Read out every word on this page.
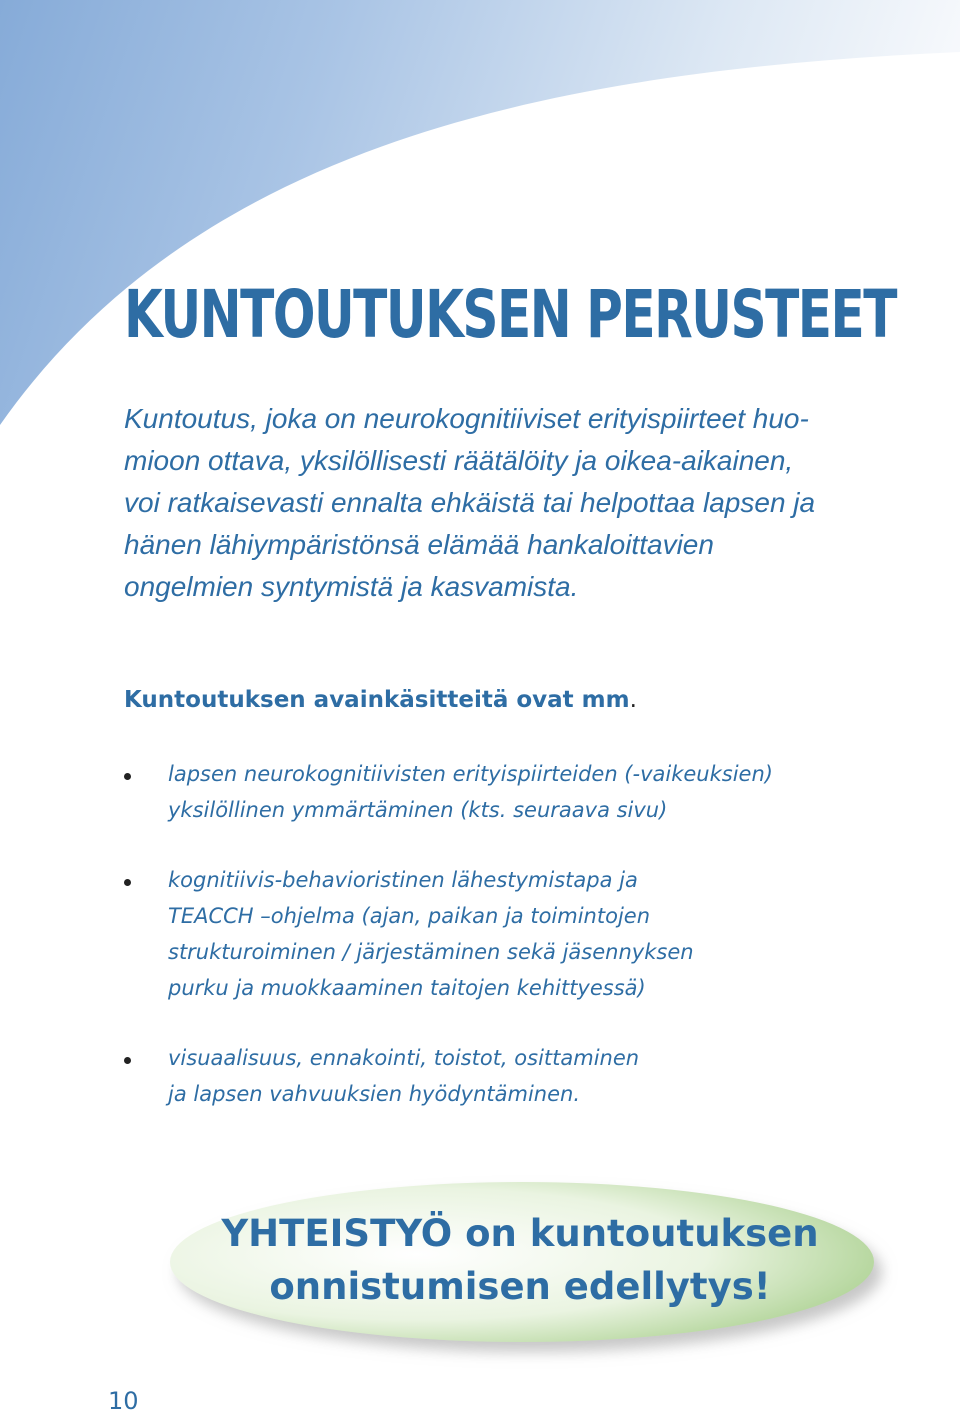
KUNTOUTUKSEN PERUSTEET

Kuntoutus, joka on neurokognitiiviset erityispiirteet huo-
mioon ottava, yksilöllisesti räätälöity ja oikea-aikainen,
voi ratkaisevasti ennalta ehkäistä tai helpottaa lapsen ja
hänen lähiympäristönsä elämää hankaloittavien
ongelmien syntymistä ja kasvamista.

Kuntoutuksen avainkäsitteitä ovat mm.
lapsen neurokognitiivisten erityispiirteiden (-vaikeuksien)
yksilöllinen ymmärtäminen (kts. seuraava sivu)
kognitiivis-behavioristinen lähestymistapa ja
TEACCH –ohjelma (ajan, paikan ja toimintojen
strukturoiminen / järjestäminen sekä jäsennyksen
purku ja muokkaaminen taitojen kehittyessä)
visuaalisuus, ennakointi, toistot, osittaminen
ja lapsen vahvuuksien hyödyntäminen.

YHTEISTYÖ on kuntoutuksen
onnistumisen edellytys!

10
